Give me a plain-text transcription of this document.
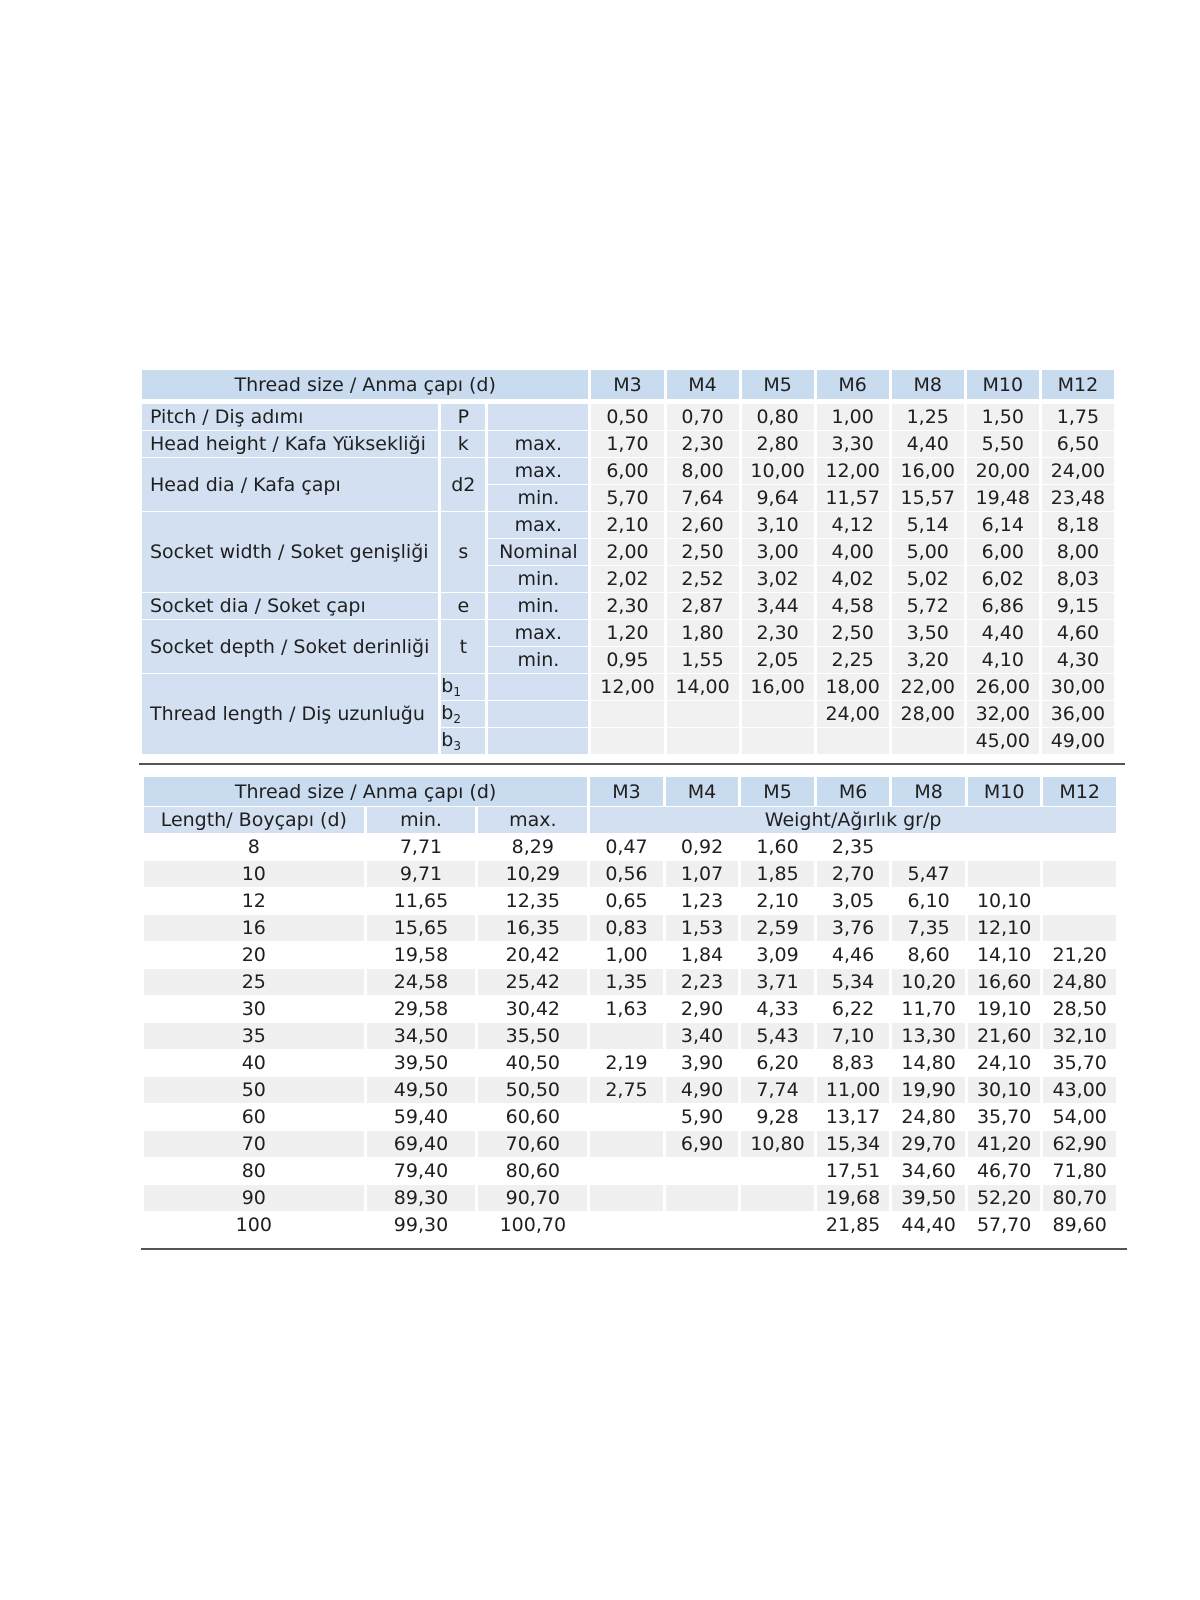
Thread size / Anma çapı (d)			M3	M4	M5	M6	M8	M10	M12

Pitch / Diş adımı	P		0,50	0,70	0,80	1,00	1,25	1,50	1,75
Head height / Kafa Yüksekliği	k	max.	1,70	2,30	2,80	3,30	4,40	5,50	6,50
Head dia / Kafa çapı	d2	max.	6,00	8,00	10,00	12,00	16,00	20,00	24,00
		min.	5,70	7,64	9,64	11,57	15,57	19,48	23,48
Socket width / Soket genişliği	s	max.	2,10	2,60	3,10	4,12	5,14	6,14	8,18
		Nominal	2,00	2,50	3,00	4,00	5,00	6,00	8,00
		min.	2,02	2,52	3,02	4,02	5,02	6,02	8,03
Socket dia / Soket çapı	e	min.	2,30	2,87	3,44	4,58	5,72	6,86	9,15
Socket depth / Soket derinliği	t	max.	1,20	1,80	2,30	2,50	3,50	4,40	4,60
		min.	0,95	1,55	2,05	2,25	3,20	4,10	4,30
Thread length / Diş uzunluğu	$b_1$		12,00	14,00	16,00	18,00	22,00	26,00	30,00
	$b_2$					24,00	28,00	32,00	36,00
	$b_3$							45,00	49,00
Thread size / Anma çapı (d)			M3	M4	M5	M6	M8	M10	M12
Length/ Boyçapı (d)	min.	max.	Weight/Ağırlık gr/p						
8	7,71	8,29	0,47	0,92	1,60	2,35			
10	9,71	10,29	0,56	1,07	1,85	2,70	5,47		
12	11,65	12,35	0,65	1,23	2,10	3,05	6,10	10,10	
16	15,65	16,35	0,83	1,53	2,59	3,76	7,35	12,10	
20	19,58	20,42	1,00	1,84	3,09	4,46	8,60	14,10	21,20
25	24,58	25,42	1,35	2,23	3,71	5,34	10,20	16,60	24,80
30	29,58	30,42	1,63	2,90	4,33	6,22	11,70	19,10	28,50
35	34,50	35,50		3,40	5,43	7,10	13,30	21,60	32,10
40	39,50	40,50	2,19	3,90	6,20	8,83	14,80	24,10	35,70
50	49,50	50,50	2,75	4,90	7,74	11,00	19,90	30,10	43,00
60	59,40	60,60		5,90	9,28	13,17	24,80	35,70	54,00
70	69,40	70,60		6,90	10,80	15,34	29,70	41,20	62,90
80	79,40	80,60				17,51	34,60	46,70	71,80
90	89,30	90,70				19,68	39,50	52,20	80,70
100	99,30	100,70				21,85	44,40	57,70	89,60
